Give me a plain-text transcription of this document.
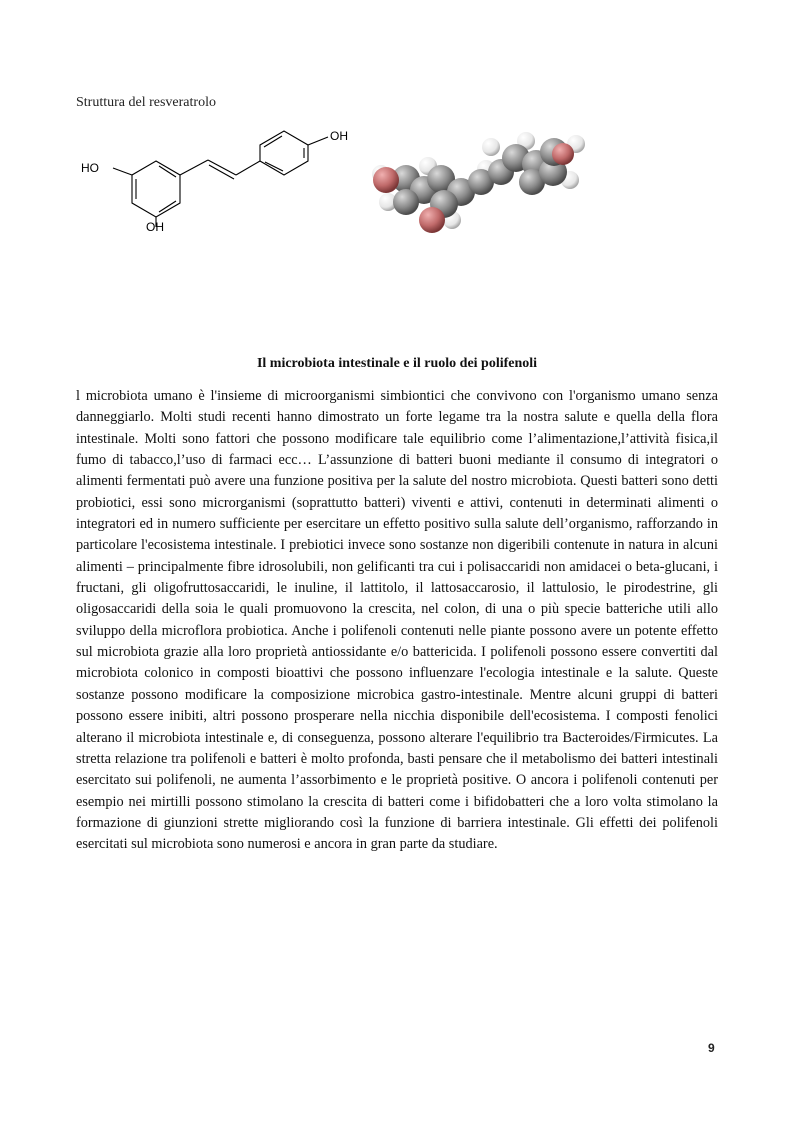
Struttura del resveratrolo
HO
OH
OH
Il microbiota intestinale e il ruolo dei polifenoli

l microbiota umano è l'insieme di microorganismi simbiontici che convivono con l'organismo umano senza danneggiarlo. Molti studi recenti hanno dimostrato un forte legame tra la nostra salute e quella della flora intestinale. Molti sono fattori che possono modificare tale equilibrio come l’alimentazione,l’attività fisica,il fumo di tabacco,l’uso di farmaci ecc… L’assunzione di batteri buoni mediante il consumo di integratori o alimenti fermentati può avere una funzione positiva per la salute del nostro microbiota. Questi batteri sono detti probiotici, essi sono microrganismi (soprattutto batteri) viventi e attivi, contenuti in determinati alimenti o integratori ed in numero sufficiente per esercitare un effetto positivo sulla salute dell’organismo, rafforzando in particolare l'ecosistema intestinale. I prebiotici invece sono sostanze non digeribili contenute in natura in alcuni alimenti – principalmente fibre idrosolubili, non gelificanti tra cui i polisaccaridi non amidacei o beta-glucani, i fructani, gli oligofruttosaccaridi, le inuline, il lattitolo, il lattosaccarosio, il lattulosio, le pirodestrine, gli oligosaccaridi della soia le quali promuovono la crescita, nel colon, di una o più specie batteriche utili allo sviluppo della microflora probiotica. Anche i polifenoli contenuti nelle piante possono avere un potente effetto sul microbiota grazie alla loro proprietà antiossidante e/o battericida. I polifenoli possono essere convertiti dal microbiota colonico in composti bioattivi che possono influenzare l'ecologia intestinale e la salute. Queste sostanze possono modificare la composizione microbica gastro-intestinale. Mentre alcuni gruppi di batteri possono essere inibiti, altri possono prosperare nella nicchia disponibile dell'ecosistema. I composti fenolici alterano il microbiota intestinale e, di conseguenza, possono alterare l'equilibrio tra Bacteroides/Firmicutes. La stretta relazione tra polifenoli e batteri è molto profonda, basti pensare che il metabolismo dei batteri intestinali esercitato sui polifenoli, ne aumenta l’assorbimento e le proprietà positive. O ancora i polifenoli contenuti per esempio nei mirtilli possono stimolano la crescita di batteri come i bifidobatteri che a loro volta stimolano la formazione di giunzioni strette migliorando così la funzione di barriera intestinale. Gli effetti dei polifenoli esercitati sul microbiota sono numerosi e ancora in gran parte da studiare.

9
